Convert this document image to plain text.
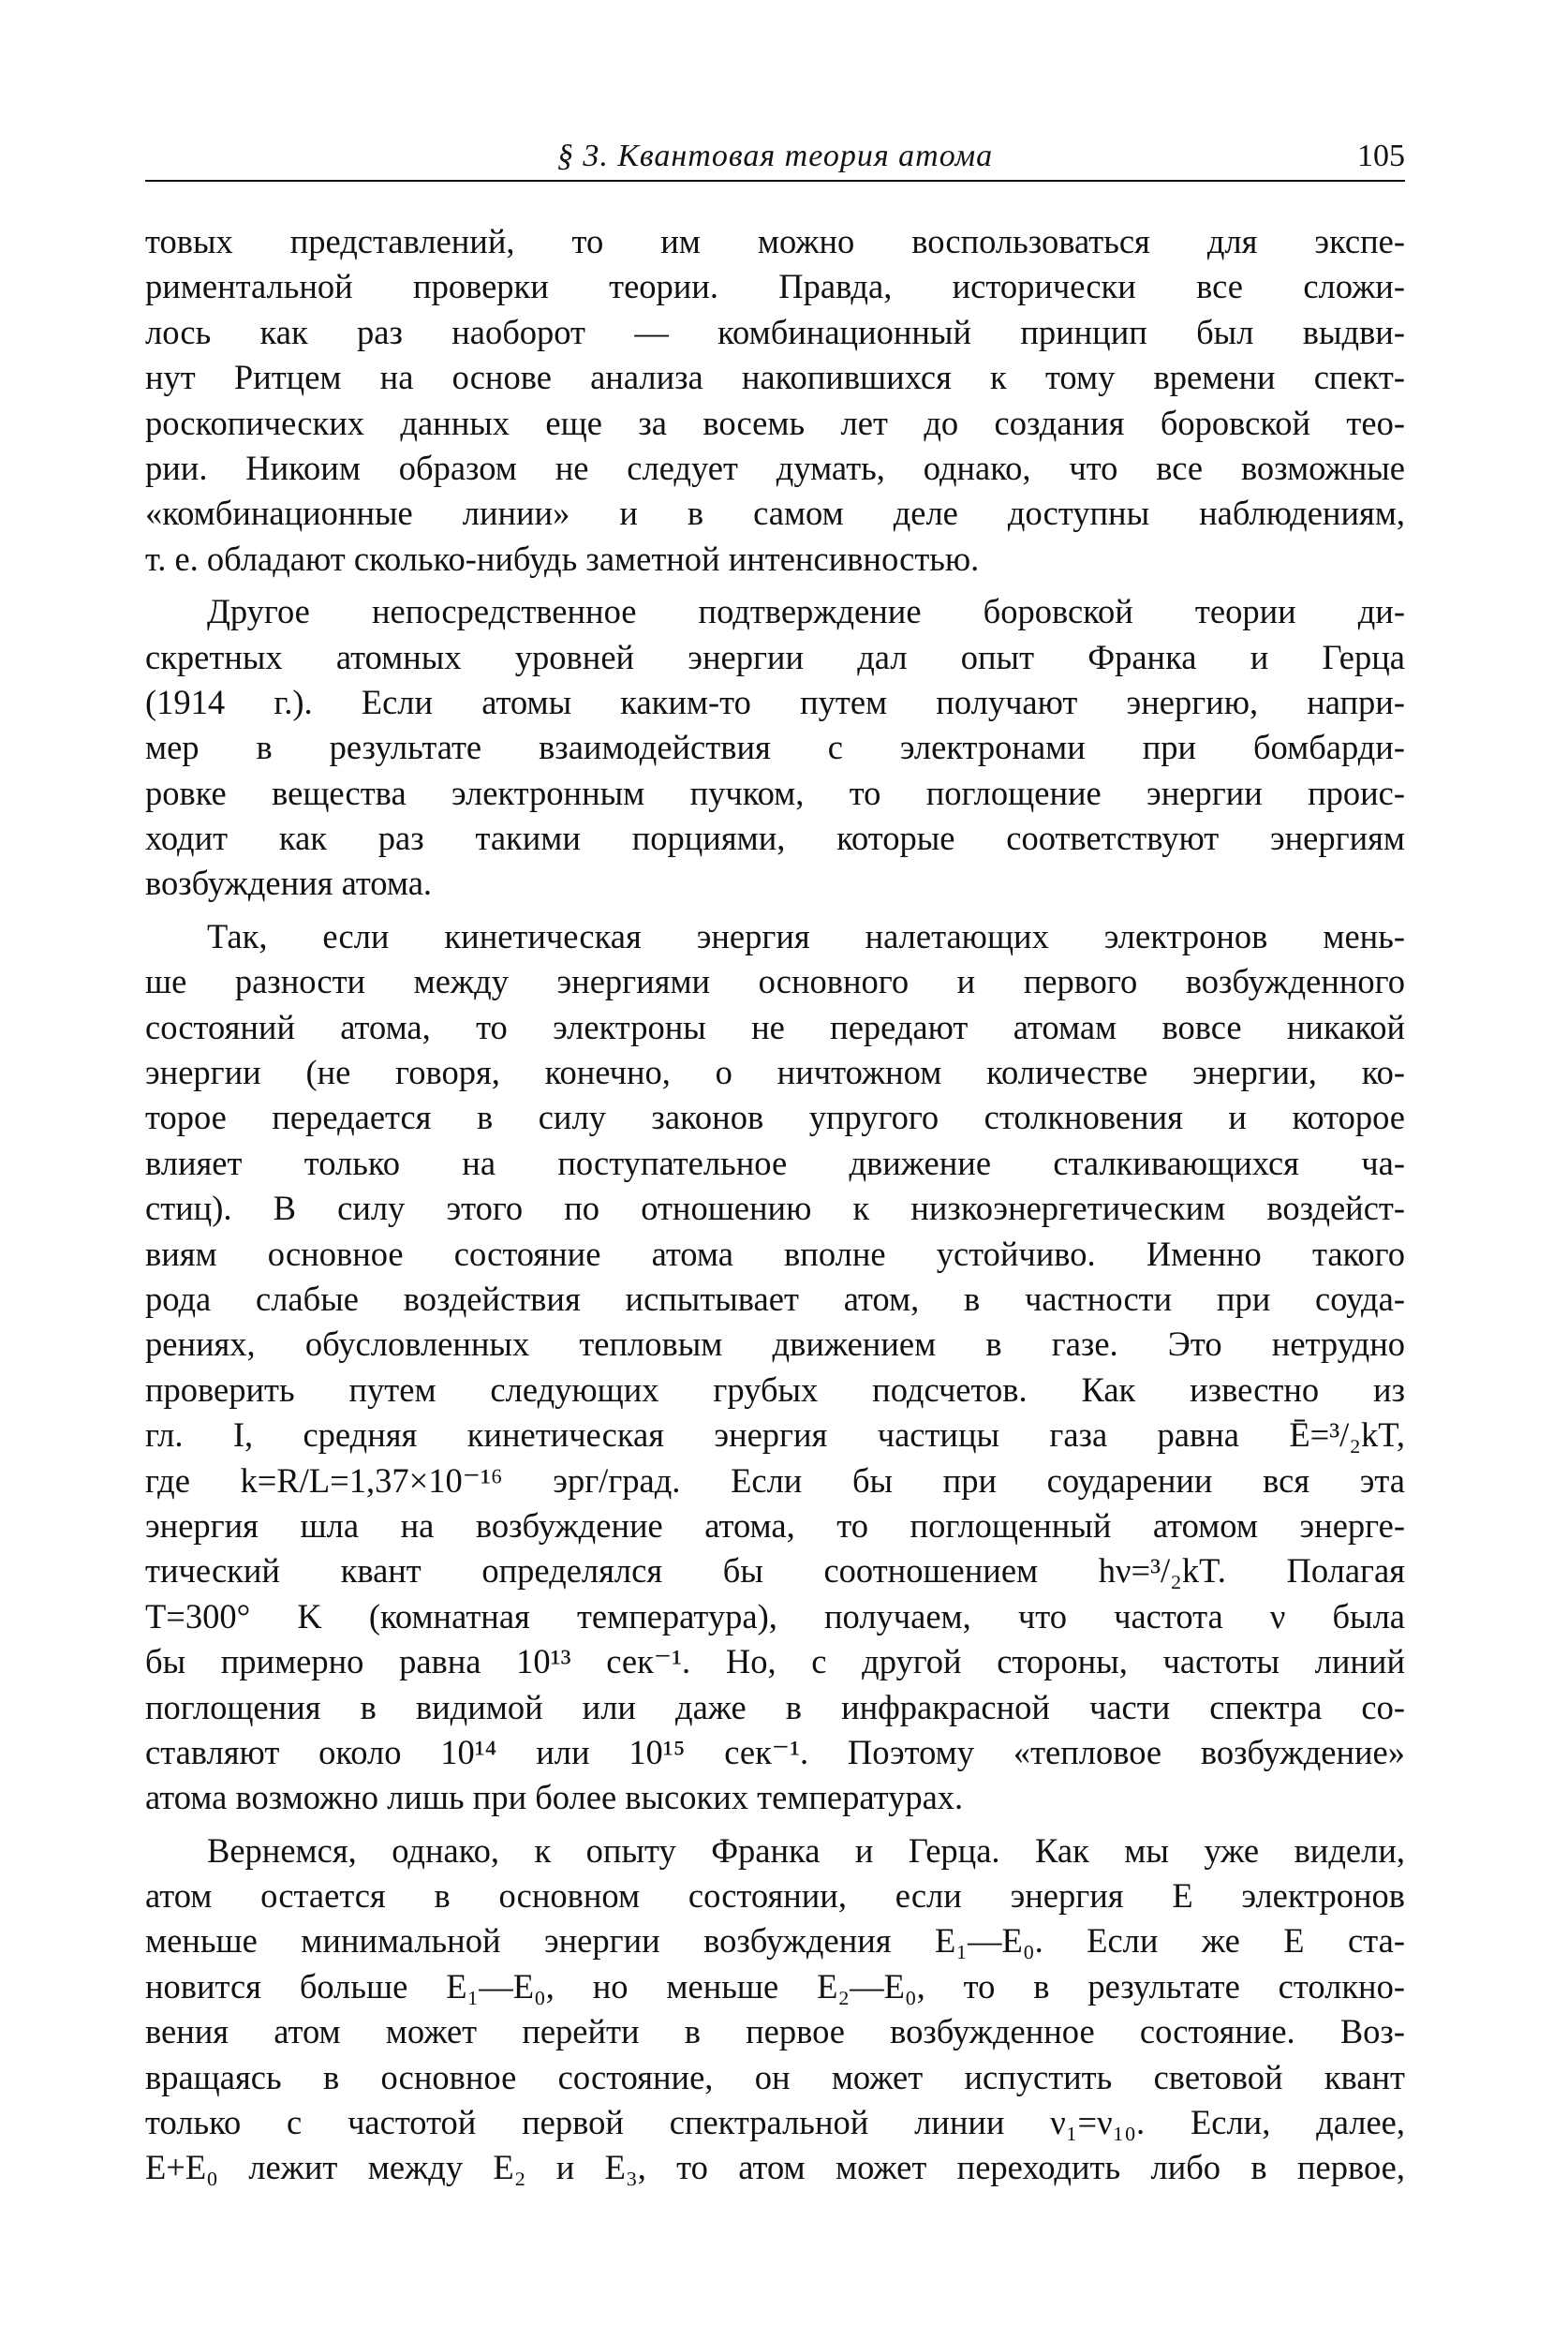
§ 3. Квантовая теория атома	105
товых представлений, то им можно воспользоваться для экспе-
риментальной проверки теории. Правда, исторически все сложи-
лось как раз наоборот — комбинационный принцип был выдви-
нут Ритцем на основе анализа накопившихся к тому времени спект-
роскопических данных еще за восемь лет до создания боровской тео-
рии. Никоим образом не следует думать, однако, что все возможные
«комбинационные линии» и в самом деле доступны наблюдениям,
т. е. обладают сколько-нибудь заметной интенсивностью.
Другое непосредственное подтверждение боровской теории ди-
скретных атомных уровней энергии дал опыт Франка и Герца
(1914 г.). Если атомы каким-то путем получают энергию, напри-
мер в результате взаимодействия с электронами при бомбарди-
ровке вещества электронным пучком, то поглощение энергии проис-
ходит как раз такими порциями, которые соответствуют энергиям
возбуждения атома.
Так, если кинетическая энергия налетающих электронов мень-
ше разности между энергиями основного и первого возбужденного
состояний атома, то электроны не передают атомам вовсе никакой
энергии (не говоря, конечно, о ничтожном количестве энергии, ко-
торое передается в силу законов упругого столкновения и которое
влияет только на поступательное движение сталкивающихся ча-
стиц). В силу этого по отношению к низкоэнергетическим воздейст-
виям основное состояние атома вполне устойчиво. Именно такого
рода слабые воздействия испытывает атом, в частности при соуда-
рениях, обусловленных тепловым движением в газе. Это нетрудно
проверить путем следующих грубых подсчетов. Как известно из
гл. I, средняя кинетическая энергия частицы газа равна Ē=³/₂kT,
где k=R/L=1,37×10⁻¹⁶ эрг/град. Если бы при соударении вся эта
энергия шла на возбуждение атома, то поглощенный атомом энерге-
тический квант определялся бы соотношением hν=³/₂kT. Полагая
T=300° K (комнатная температура), получаем, что частота ν была
бы примерно равна 10¹³ сек⁻¹. Но, с другой стороны, частоты линий
поглощения в видимой или даже в инфракрасной части спектра со-
ставляют около 10¹⁴ или 10¹⁵ сек⁻¹. Поэтому «тепловое возбуждение»
атома возможно лишь при более высоких температурах.
Вернемся, однако, к опыту Франка и Герца. Как мы уже видели,
атом остается в основном состоянии, если энергия E электронов
меньше минимальной энергии возбуждения E₁—E₀. Если же E ста-
новится больше E₁—E₀, но меньше E₂—E₀, то в результате столкно-
вения атом может перейти в первое возбужденное состояние. Воз-
вращаясь в основное состояние, он может испустить световой квант
только с частотой первой спектральной линии ν₁=ν₁₀. Если, далее,
E+E₀ лежит между E₂ и E₃, то атом может переходить либо в первое,
